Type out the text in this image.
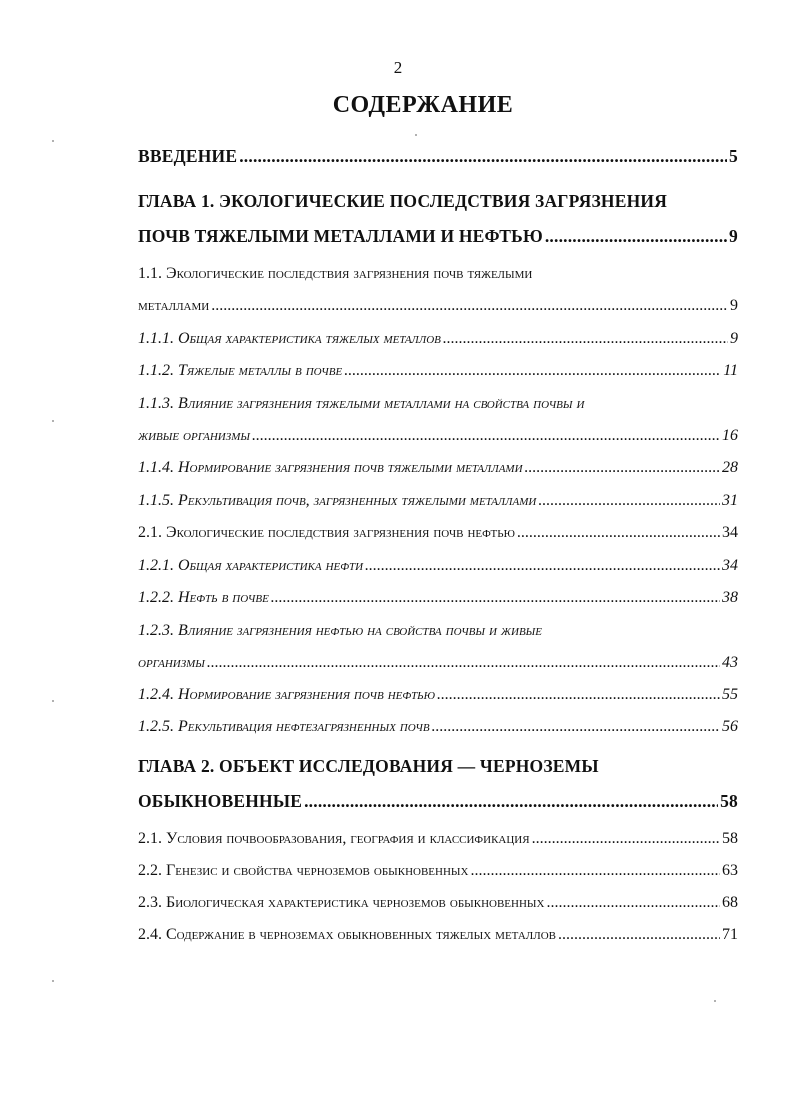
2
СОДЕРЖАНИЕ
ВВЕДЕНИЕ .....	5
ГЛАВА 1. ЭКОЛОГИЧЕСКИЕ ПОСЛЕДСТВИЯ ЗАГРЯЗНЕНИЯ
ПОЧВ ТЯЖЕЛЫМИ МЕТАЛЛАМИ И НЕФТЬЮ .....	9
1.1. Экологические последствия загрязнения почв тяжелыми
металлами .....	9
1.1.1. Общая характеристика тяжелых металлов .....	9
1.1.2. Тяжелые металлы в почве .....	11
1.1.3. Влияние загрязнения тяжелыми металлами на свойства почвы и
живые организмы .....	16
1.1.4. Нормирование загрязнения почв тяжелыми металлами .....	28
1.1.5. Рекультивация почв, загрязненных тяжелыми металлами .....	31
2.1. Экологические последствия загрязнения почв нефтью .....	34
1.2.1. Общая характеристика нефти .....	34
1.2.2. Нефть в почве .....	38
1.2.3. Влияние загрязнения нефтью на свойства почвы и живые
организмы .....	43
1.2.4. Нормирование загрязнения почв нефтью .....	55
1.2.5. Рекультивация нефтезагрязненных почв .....	56
ГЛАВА 2. ОБЪЕКТ ИССЛЕДОВАНИЯ — ЧЕРНОЗЕМЫ
ОБЫКНОВЕННЫЕ .....	58
2.1. Условия почвообразования, география и классификация .....	58
2.2. Генезис и свойства черноземов обыкновенных .....	63
2.3. Биологическая характеристика черноземов обыкновенных .....	68
2.4. Содержание в черноземах обыкновенных тяжелых металлов .....	71
